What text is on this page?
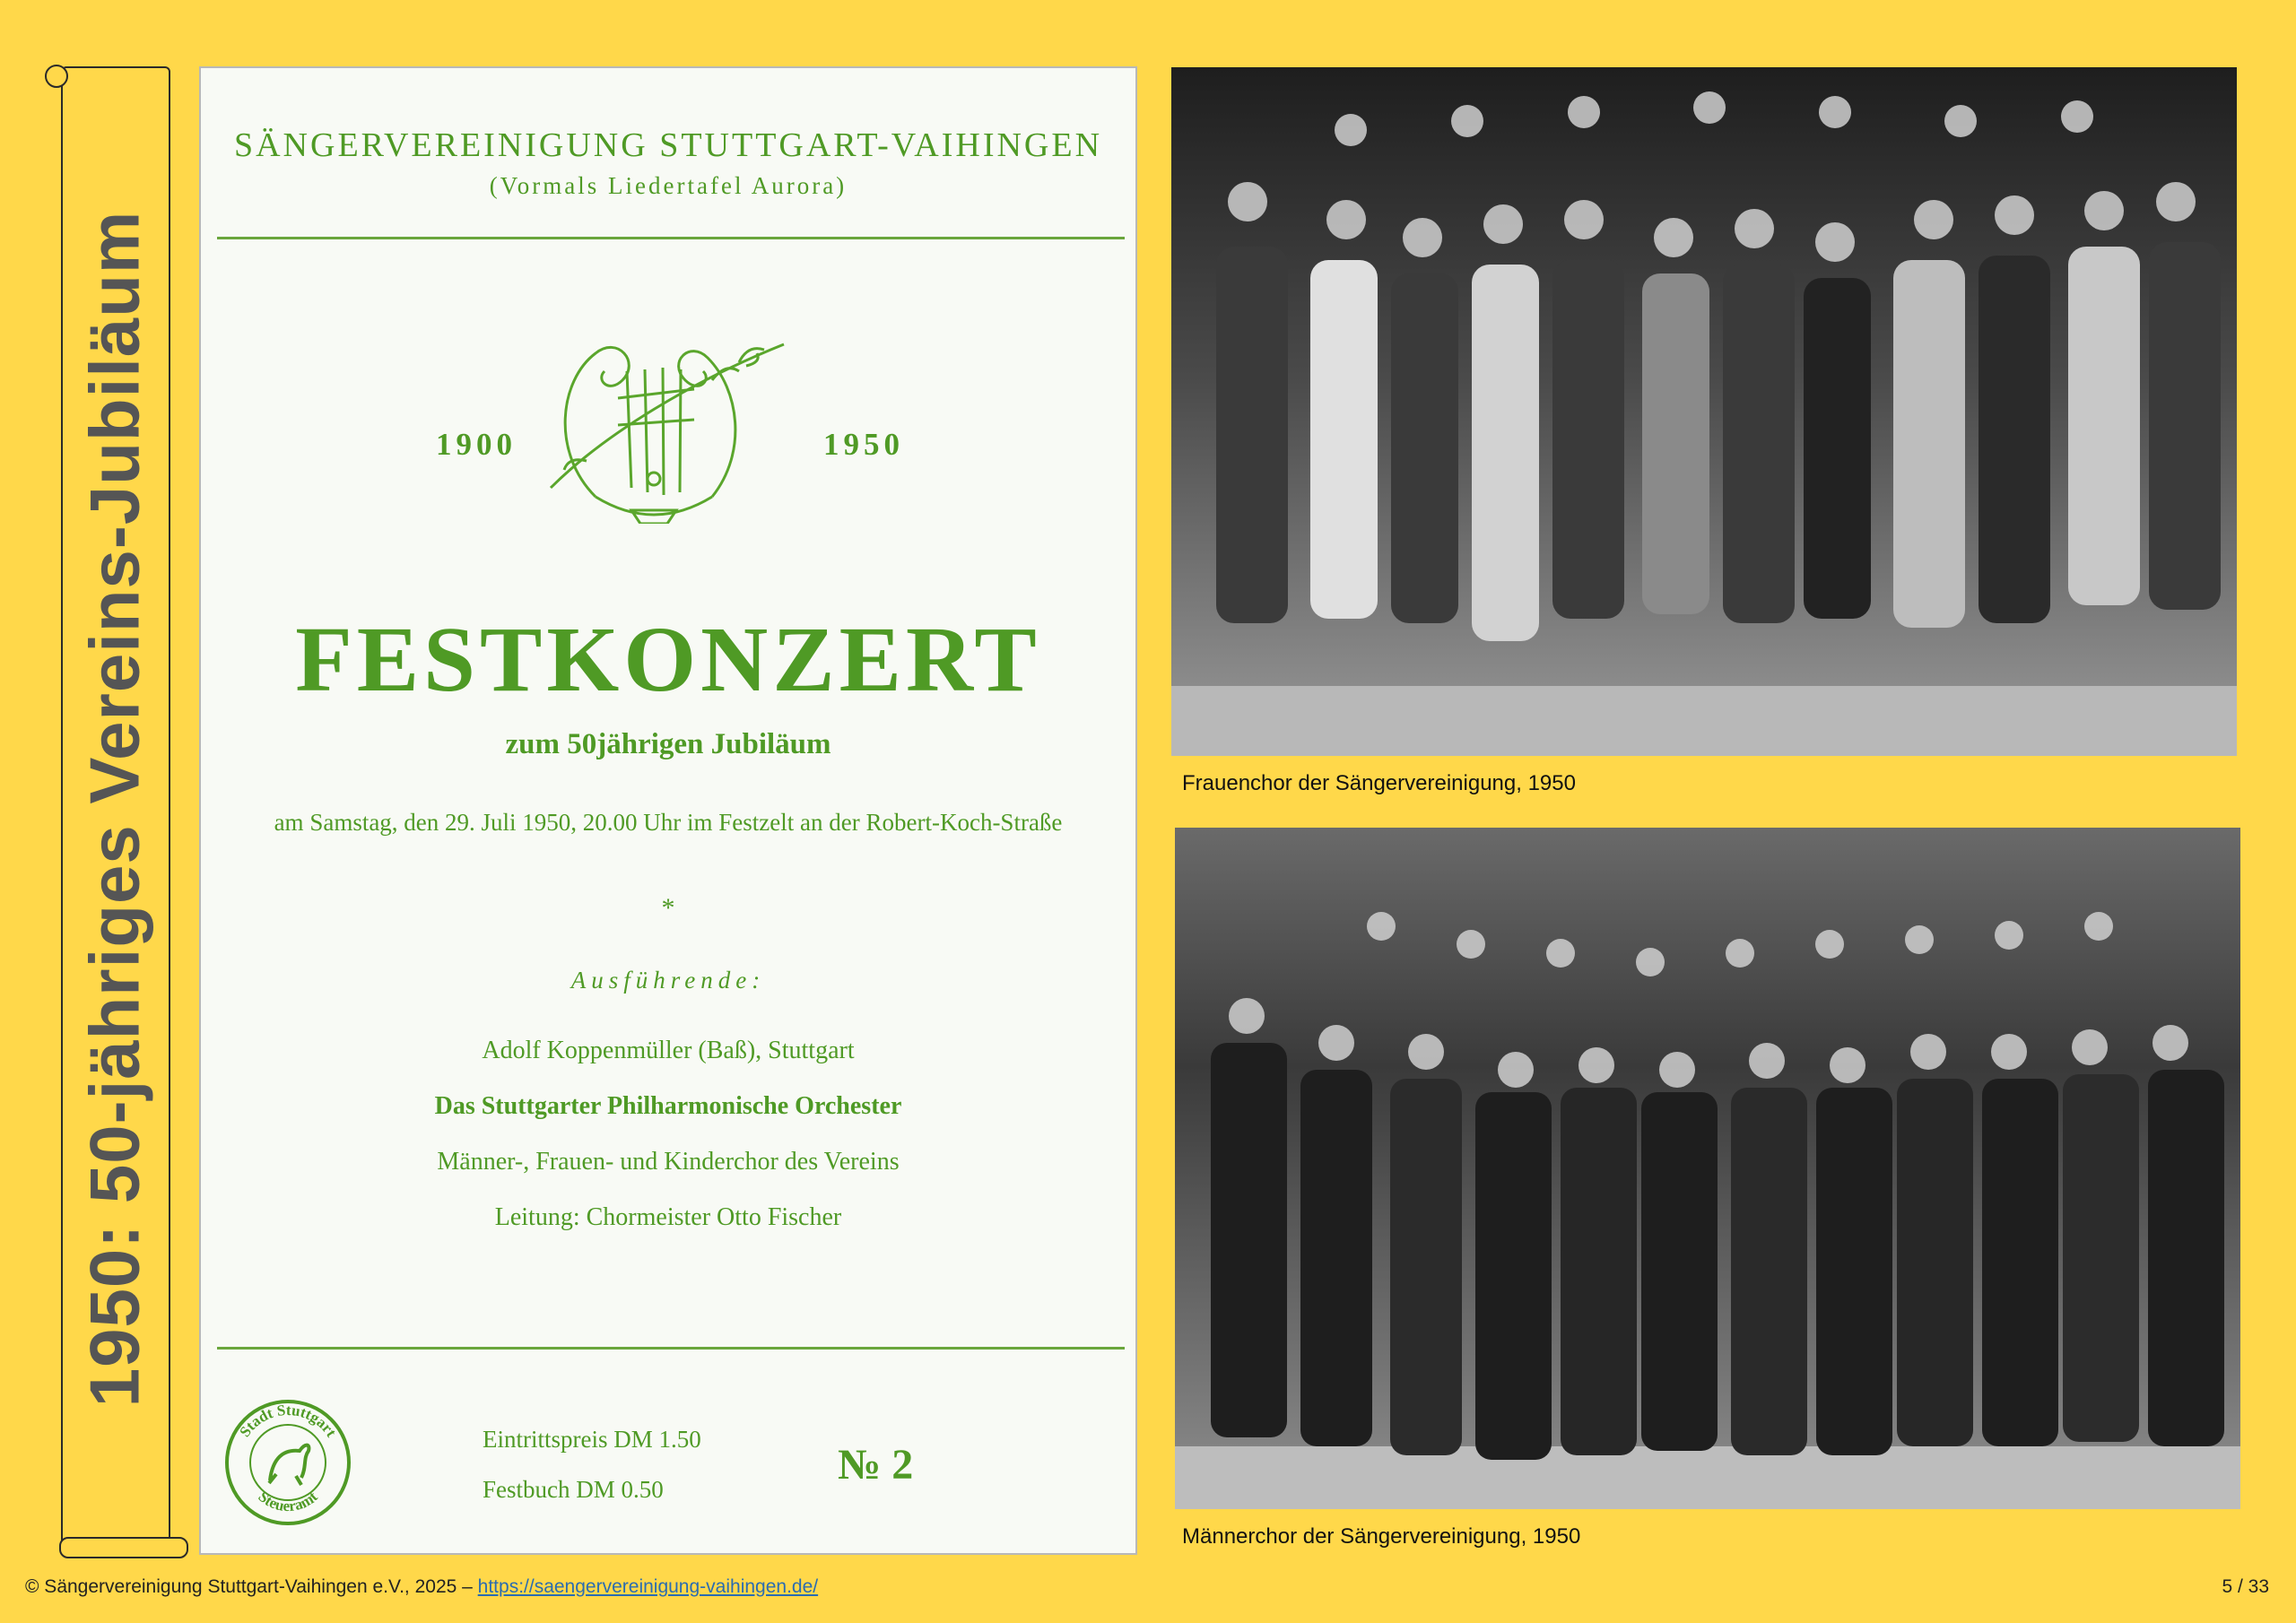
1950: 50-jähriges Vereins-Jubiläum
SÄNGERVEREINIGUNG STUTTGART-VAIHINGEN
(Vormals Liedertafel Aurora)
1900	1950
FESTKONZERT
zum 50jährigen Jubiläum
am Samstag, den 29. Juli 1950, 20.00 Uhr im Festzelt an der Robert-Koch-Straße
*
Ausführende:
Adolf Koppenmüller (Baß), Stuttgart
Das Stuttgarter Philharmonische Orchester
Männer-, Frauen- und Kinderchor des Vereins
Leitung: Chormeister Otto Fischer
Stadt Stuttgart
Steueramt
Eintrittspreis DM 1.50
Festbuch DM 0.50
№ 2
Frauenchor der Sängervereinigung, 1950
Männerchor der Sängervereinigung, 1950
© Sängervereinigung Stuttgart-Vaihingen e.V., 2025 – https://saengervereinigung-vaihingen.de/	5 / 33
